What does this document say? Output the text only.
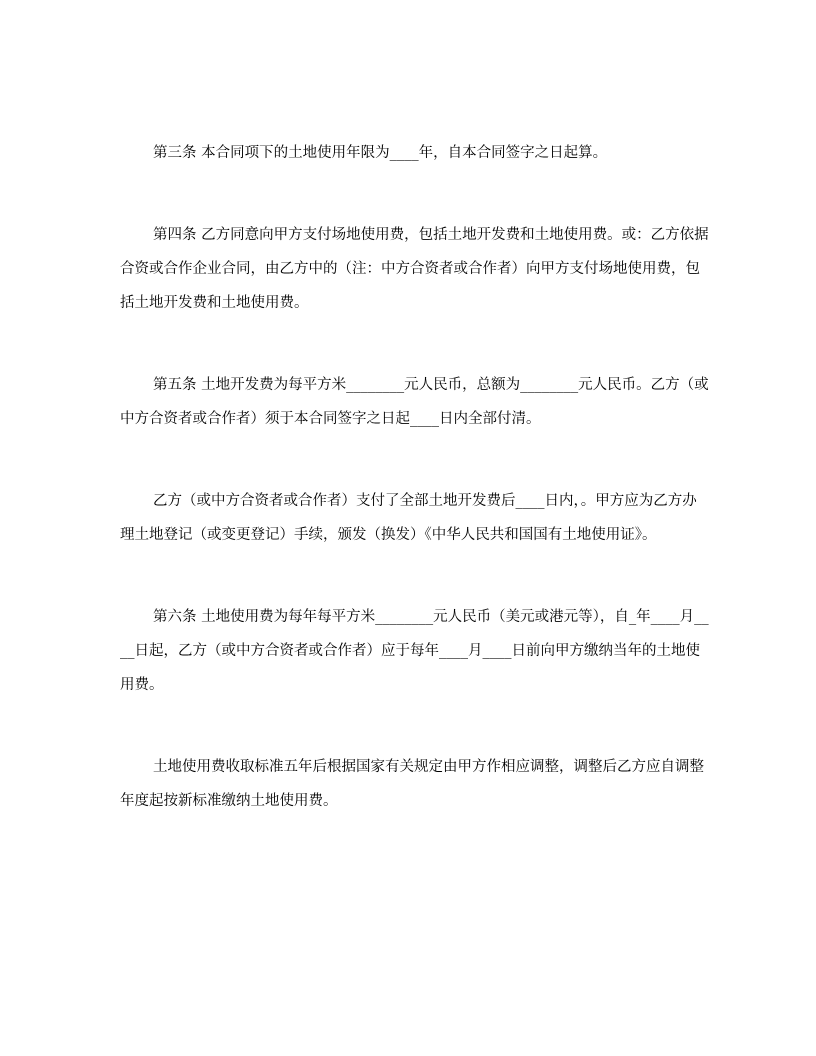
第三条 本合同项下的土地使用年限为____年，自本合同签字之日起算。

第四条 乙方同意向甲方支付场地使用费，包括土地开发费和土地使用费。或：乙方依据合资或合作企业合同，由乙方中的（注：中方合资者或合作者）向甲方支付场地使用费，包括土地开发费和土地使用费。

第五条 土地开发费为每平方米________元人民币，总额为________元人民币。乙方（或中方合资者或合作者）须于本合同签字之日起____日内全部付清。

乙方（或中方合资者或合作者）支付了全部土地开发费后____日内，。甲方应为乙方办理土地登记（或变更登记）手续，颁发（换发）《中华人民共和国国有土地使用证》。

第六条 土地使用费为每年每平方米________元人民币（美元或港元等），自_年____月____日起，乙方（或中方合资者或合作者）应于每年____月____日前向甲方缴纳当年的土地使用费。

土地使用费收取标准五年后根据国家有关规定由甲方作相应调整，调整后乙方应自调整年度起按新标准缴纳土地使用费。
